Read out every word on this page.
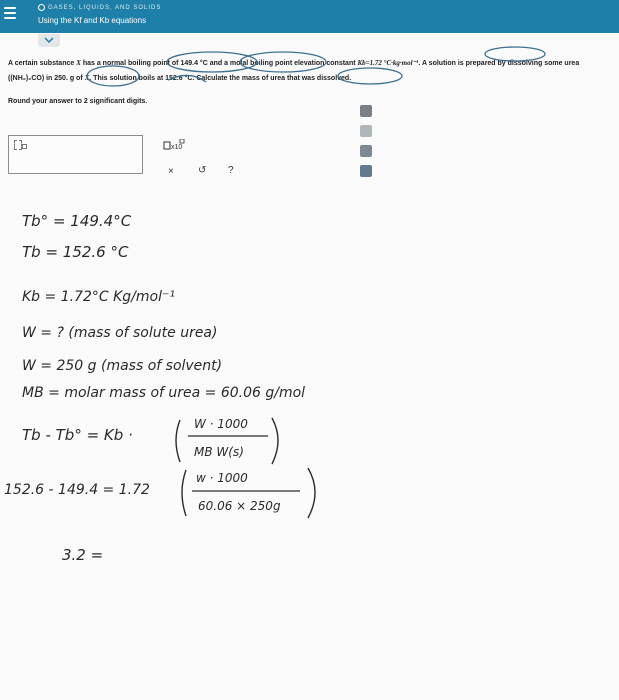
GASES, LIQUIDS, AND SOLIDS
Using the Kf and Kb equations
A certain substance X has a normal boiling point of 149.4 °C and a molal boiling point elevation constant Kb=1.72 °C·kg·mol⁻¹. A solution is prepared by dissolving some urea ((NH₂)₂CO) in 250. g of X. This solution boils at 152.6 °C. Calculate the mass of urea that was dissolved.
Round your answer to 2 significant digits.
x10
× ↺ ?
Tb° = 149.4°C
Tb = 152.6 °C
Kb = 1.72°C Kg/mol⁻¹
W = ? (mass of solute urea)
W = 250 g (mass of solvent)
MB = molar mass of urea = 60.06 g/mol
Tb - Tb° = Kb ·
W · 1000
MB W(s)
152.6 - 149.4 = 1.72
w · 1000
60.06 × 250g
3.2 =
